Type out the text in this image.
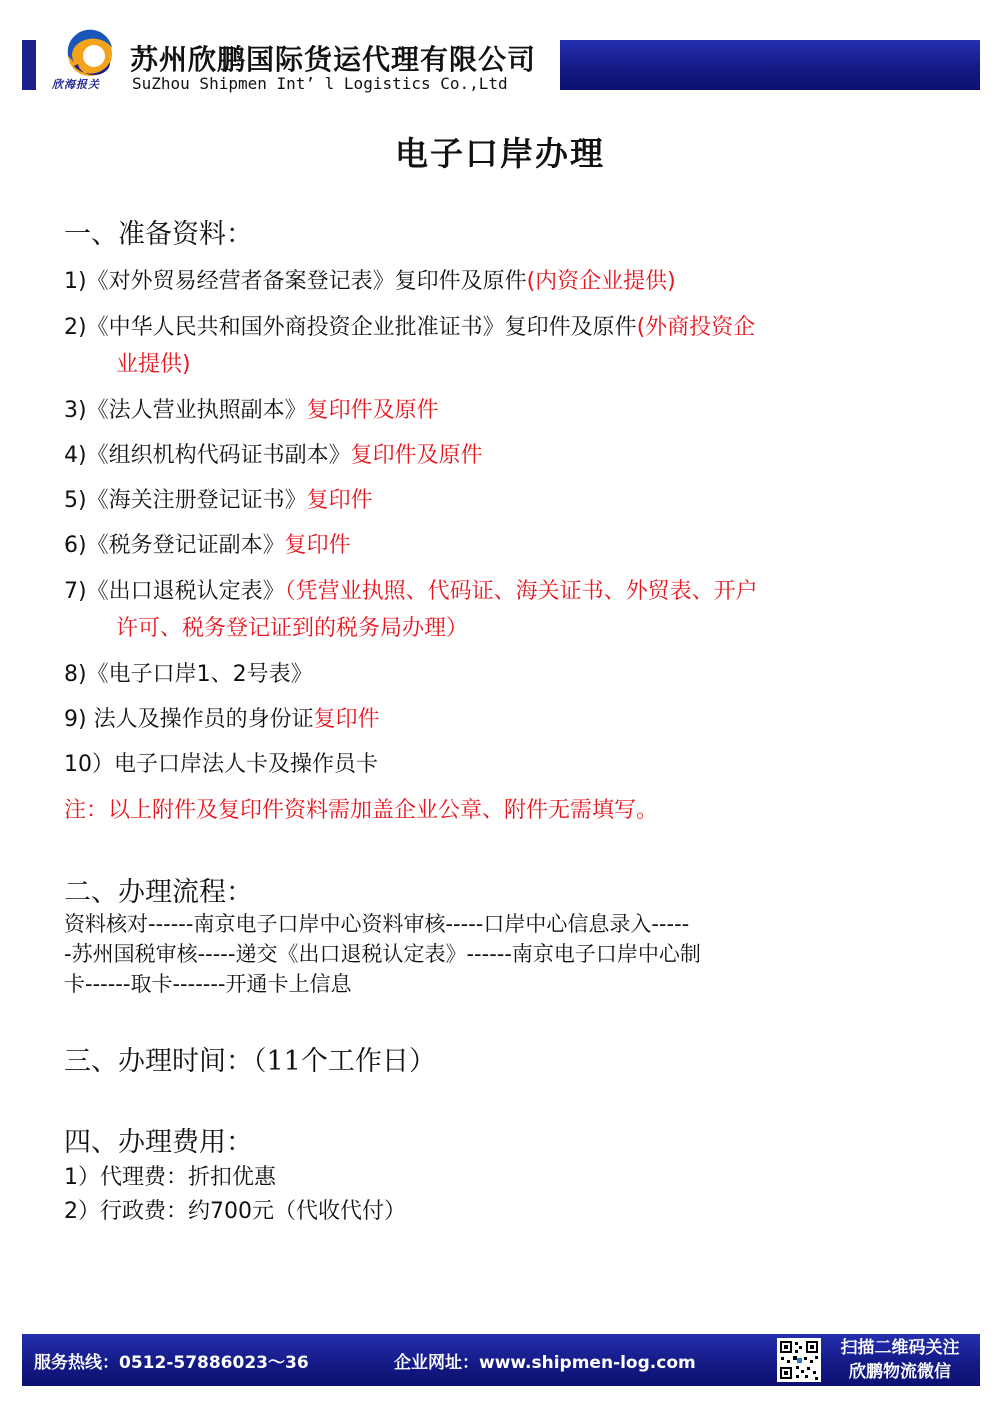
欣海报关
苏州欣鹏国际货运代理有限公司
SuZhou Shipmen Int’ l Logistics Co.,Ltd
电子口岸办理
一、准备资料：
1)《对外贸易经营者备案登记表》复印件及原件(内资企业提供)
2)《中华人民共和国外商投资企业批准证书》复印件及原件(外商投资企
业提供)
3)《法人营业执照副本》复印件及原件
4)《组织机构代码证书副本》复印件及原件
5)《海关注册登记证书》复印件
6)《税务登记证副本》复印件
7)《出口退税认定表》（凭营业执照、代码证、海关证书、外贸表、开户
许可、税务登记证到的税务局办理）
8)《电子口岸1、2号表》
9) 法人及操作员的身份证复印件
10）电子口岸法人卡及操作员卡
注：以上附件及复印件资料需加盖企业公章、附件无需填写。
二、办理流程：
资料核对------南京电子口岸中心资料审核-----口岸中心信息录入-----
-苏州国税审核-----递交《出口退税认定表》------南京电子口岸中心制
卡------取卡-------开通卡上信息
三、办理时间：（11个工作日）
四、办理费用：
1）代理费：折扣优惠
2）行政费：约700元（代收代付）
服务热线：0512-57886023～36	企业网址：www.shipmen-log.com
扫描二维码关注
欣鹏物流微信
